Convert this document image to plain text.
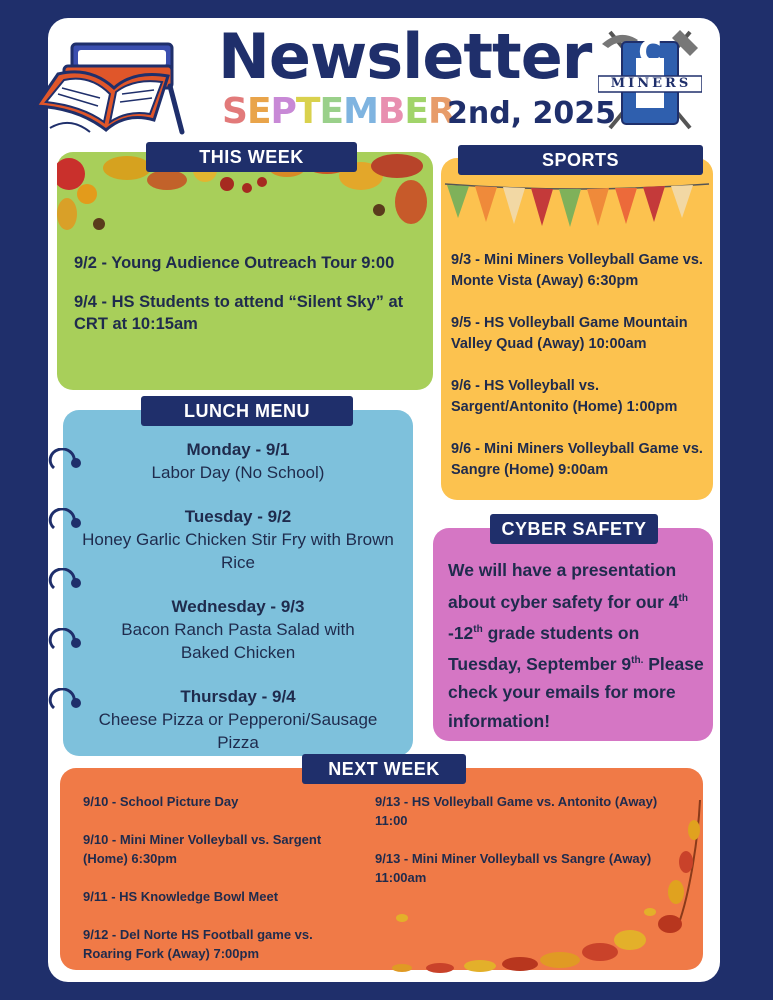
Newsletter
SEPTEMBER
2nd, 2025
MINERS
C
THIS WEEK

9/2 - Young Audience Outreach Tour 9:00

9/4 - HS Students to attend “Silent Sky” at CRT at 10:15am

SPORTS

9/3 - Mini Miners Volleyball Game vs. Monte Vista (Away) 6:30pm

9/5 - HS Volleyball Game Mountain Valley Quad (Away) 10:00am

9/6 - HS Volleyball vs. Sargent/Antonito (Home) 1:00pm

9/6 - Mini Miners Volleyball Game vs. Sangre (Home) 9:00am

LUNCH MENU
Monday - 9/1
Labor Day (No School)
Tuesday - 9/2
Honey Garlic Chicken Stir Fry with Brown Rice
Wednesday - 9/3
Bacon Ranch Pasta Salad with Baked Chicken
Thursday - 9/4
Cheese Pizza or Pepperoni/Sausage Pizza
CYBER SAFETY
We will have a presentation about cyber safety for our 4th -12th grade students on Tuesday, September $9^{th.}$ Please check your emails for more information!
NEXT WEEK

9/10 - School Picture Day

9/10 - Mini Miner Volleyball vs. Sargent (Home) 6:30pm

9/11 - HS Knowledge Bowl Meet

9/12 - Del Norte HS Football game vs. Roaring Fork (Away) 7:00pm

9/13 - HS Volleyball Game vs. Antonito (Away) 11:00

9/13 - Mini Miner Volleyball vs Sangre (Away) 11:00am
